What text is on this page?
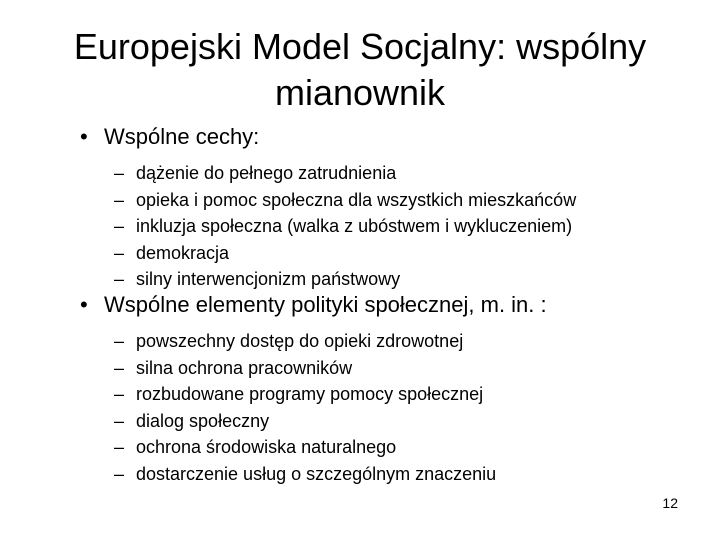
Europejski Model Socjalny: wspólny mianownik
• Wspólne cechy:
– dążenie do pełnego zatrudnienia
– opieka i pomoc społeczna dla wszystkich mieszkańców
– inkluzja społeczna (walka z ubóstwem i wykluczeniem)
– demokracja
– silny interwencjonizm państwowy
• Wspólne elementy polityki społecznej, m. in. :
– powszechny dostęp do opieki zdrowotnej
– silna ochrona pracowników
– rozbudowane programy pomocy społecznej
– dialog społeczny
– ochrona środowiska naturalnego
– dostarczenie usług o szczególnym znaczeniu
12
